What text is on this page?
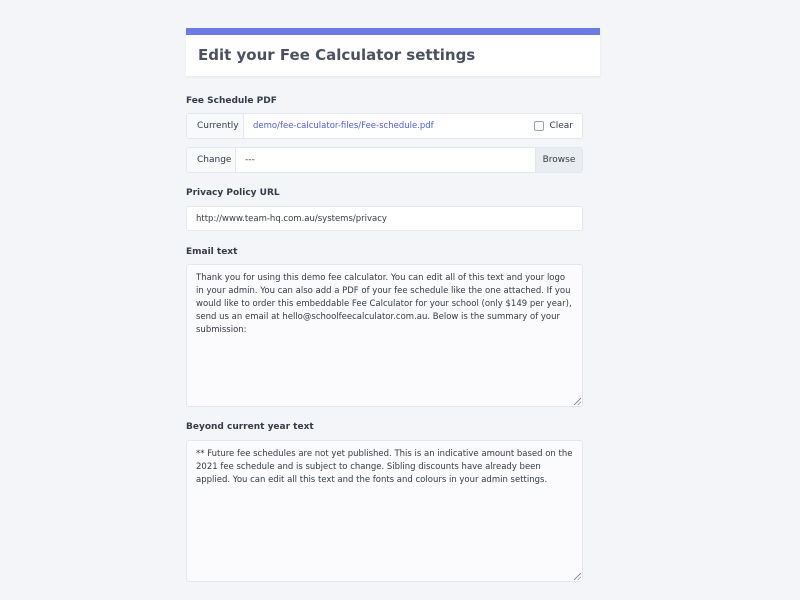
Edit your Fee Calculator settings
Fee Schedule PDF
Currently	demo/fee-calculator-files/Fee-schedule.pdf	Clear
Change	---	Browse
Privacy Policy URL
http://www.team-hq.com.au/systems/privacy
Email text
Thank you for using this demo fee calculator. You can edit all of this text and your logo in your admin. You can also add a PDF of your fee schedule like the one attached. If you would like to order this embeddable Fee Calculator for your school (only $149 per year), send us an email at hello@schoolfeecalculator.com.au. Below is the summary of your submission:
Beyond current year text
** Future fee schedules are not yet published. This is an indicative amount based on the 2021 fee schedule and is subject to change. Sibling discounts have already been applied. You can edit all this text and the fonts and colours in your admin settings.
